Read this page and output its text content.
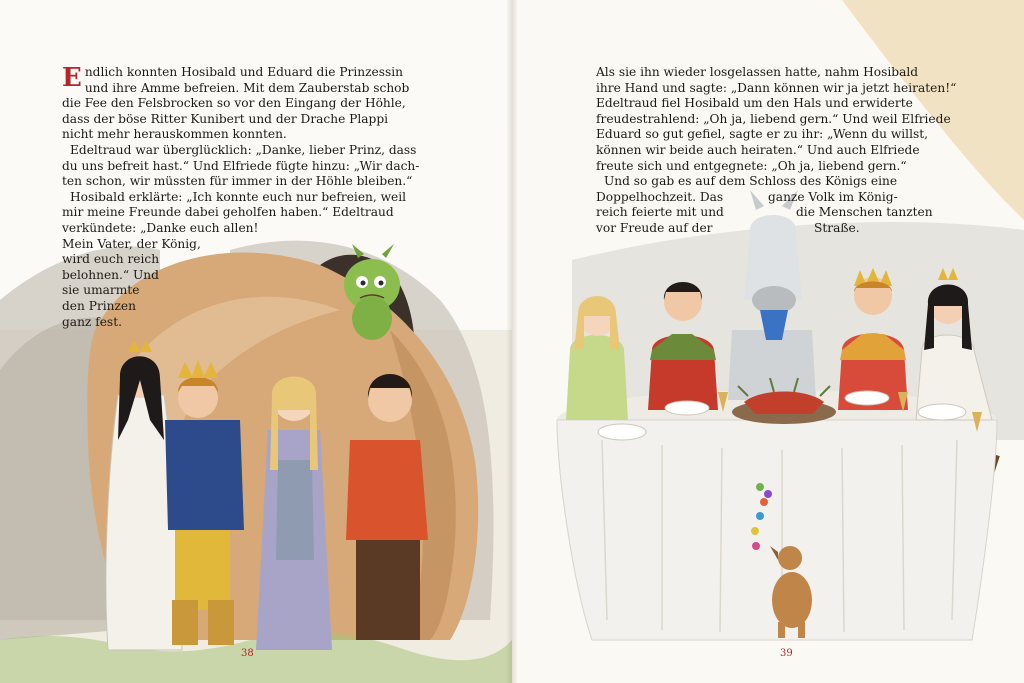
E ndlich konnten Hosibald und Eduard die Prinzessin
und ihre Amme befreien. Mit dem Zauberstab schob
die Fee den Felsbrocken so vor den Eingang der Höhle,
dass der böse Ritter Kunibert und der Drache Plappi
nicht mehr herauskommen konnten.

Edeltraud war überglücklich: „Danke, lieber Prinz, dass
du uns befreit hast.“ Und Elfriede fügte hinzu: „Wir dach-
ten schon, wir müssten für immer in der Höhle bleiben.“

Hosibald erklärte: „Ich konnte euch nur befreien, weil
mir meine Freunde dabei geholfen haben.“ Edeltraud
verkündete: „Danke euch allen!
Mein Vater, der König,
wird euch reich
belohnen.“ Und
sie umarmte
den Prinzen
ganz fest.

38

Als sie ihn wieder losgelassen hatte, nahm Hosibald
ihre Hand und sagte: „Dann können wir ja jetzt heiraten!“
Edeltraud fiel Hosibald um den Hals und erwiderte
freudestrahlend: „Oh ja, liebend gern.“ Und weil Elfriede
Eduard so gut gefiel, sagte er zu ihr: „Wenn du willst,
können wir beide auch heiraten.“ Und auch Elfriede
freute sich und entgegnete: „Oh ja, liebend gern.“

Und so gab es auf dem Schloss des Königs eine
Doppelhochzeit. Das	ganze Volk im König-
reich feierte mit und	die Menschen tanzten
vor Freude auf der	Straße.

39
